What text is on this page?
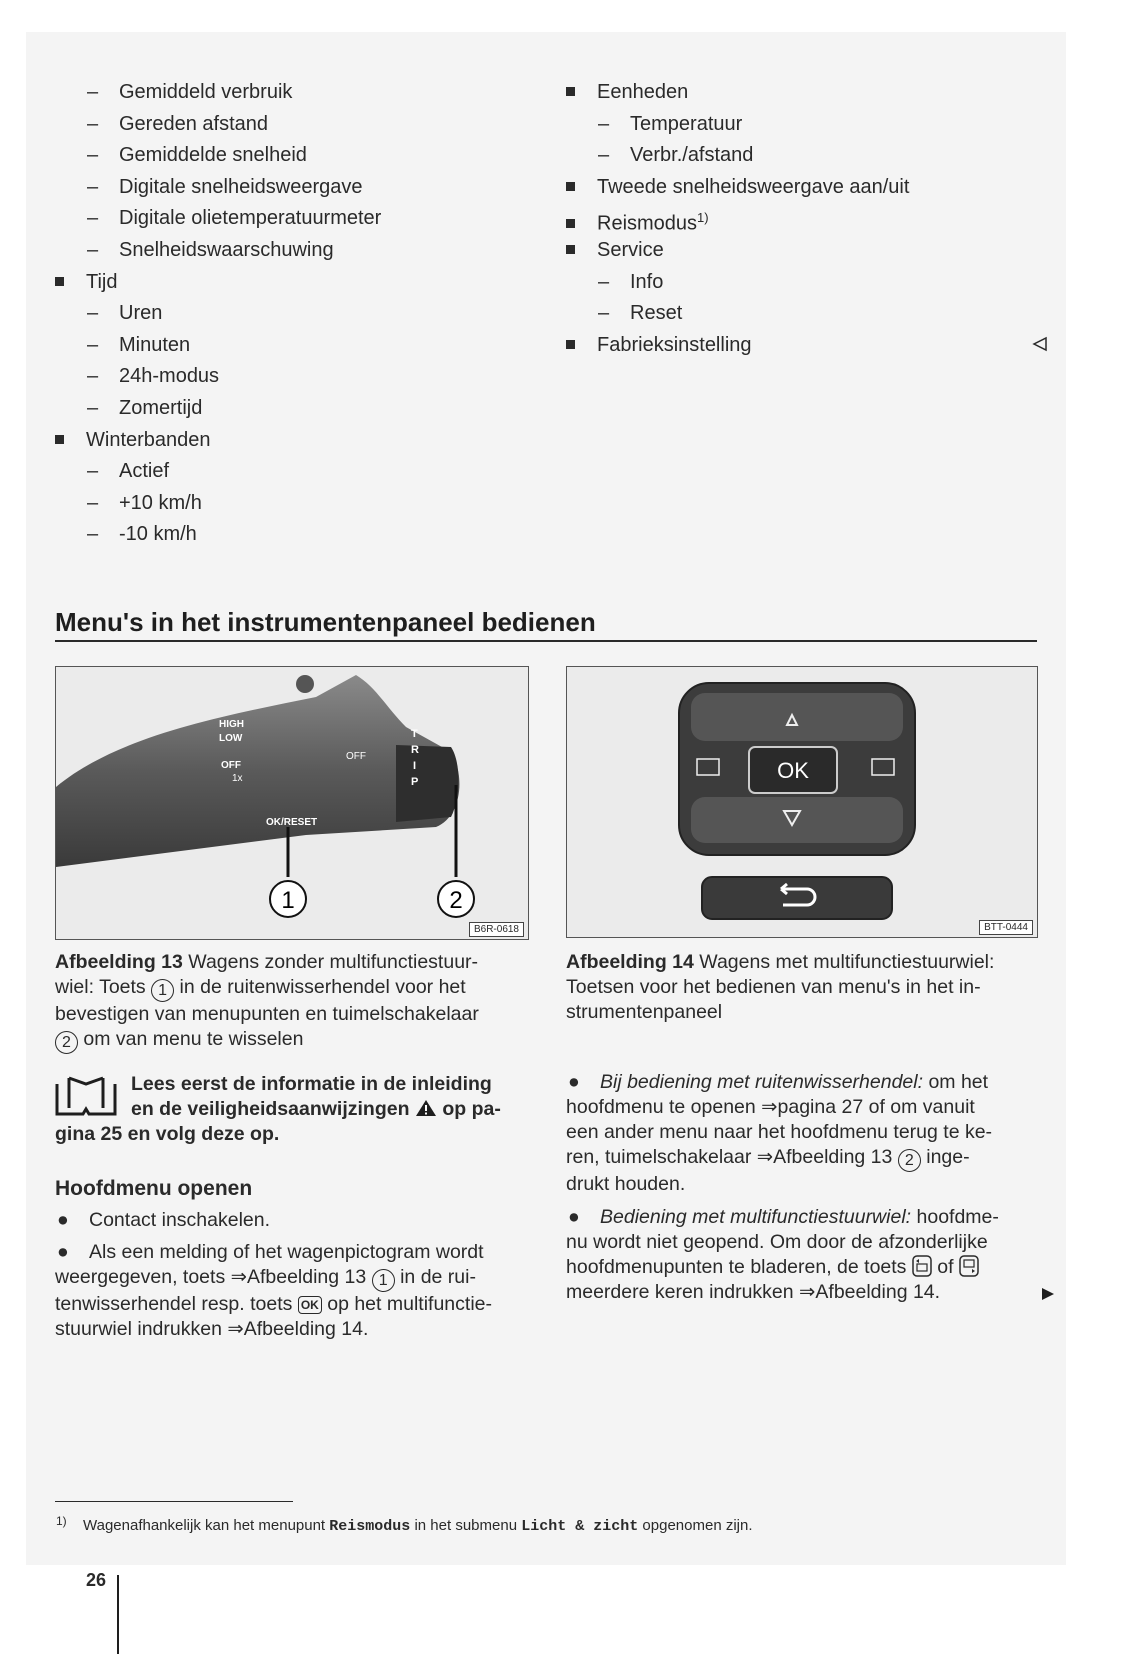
– Gemiddeld verbruik
– Gereden afstand
– Gemiddelde snelheid
– Digitale snelheidsweergave
– Digitale olietemperatuurmeter
– Snelheidswaarschuwing
Tijd
– Uren
– Minuten
– 24h-modus
– Zomertijd
Winterbanden
– Actief
– +10 km/h
– -10 km/h
Eenheden
– Temperatuur
– Verbr./afstand
Tweede snelheidsweergave aan/uit
Reismodus$^{1)}$
Service
– Info
– Reset
Fabrieksinstelling
Menu's in het instrumentenpaneel bedienen
OK/RESET
HIGH
LOW
OFF
1x
OFF
T
R
I
P
1	2
B6R-0618
OK
BTT-0444
Afbeelding 13 Wagens zonder multifunctiestuur-
wiel: Toets 1 in de ruitenwisserhendel voor het
bevestigen van menupunten en tuimelschakelaar
2 om van menu te wisselen
Afbeelding 14 Wagens met multifunctiestuurwiel:
Toetsen voor het bedienen van menu's in het in-
strumentenpaneel
Lees eerst de informatie in de inleiding
en de veiligheidsaanwijzingen op pa-
gina 25 en volg deze op.
Hoofdmenu openen
● Contact inschakelen.
● Als een melding of het wagenpictogram wordt
weergegeven, toets ⇒Afbeelding 13 1 in de rui-
tenwisserhendel resp. toets OK op het multifunctie-
stuurwiel indrukken ⇒Afbeelding 14.
● Bij bediening met ruitenwisserhendel: om het
hoofdmenu te openen ⇒pagina 27 of om vanuit
een ander menu naar het hoofdmenu terug te ke-
ren, tuimelschakelaar ⇒Afbeelding 13 2 inge-
drukt houden.
● Bediening met multifunctiestuurwiel: hoofdme-
nu wordt niet geopend. Om door de afzonderlijke
hoofdmenupunten te bladeren, de toets of
meerdere keren indrukken ⇒Afbeelding 14.
1) Wagenafhankelijk kan het menupunt Reismodus in het submenu Licht & zicht opgenomen zijn.
26
